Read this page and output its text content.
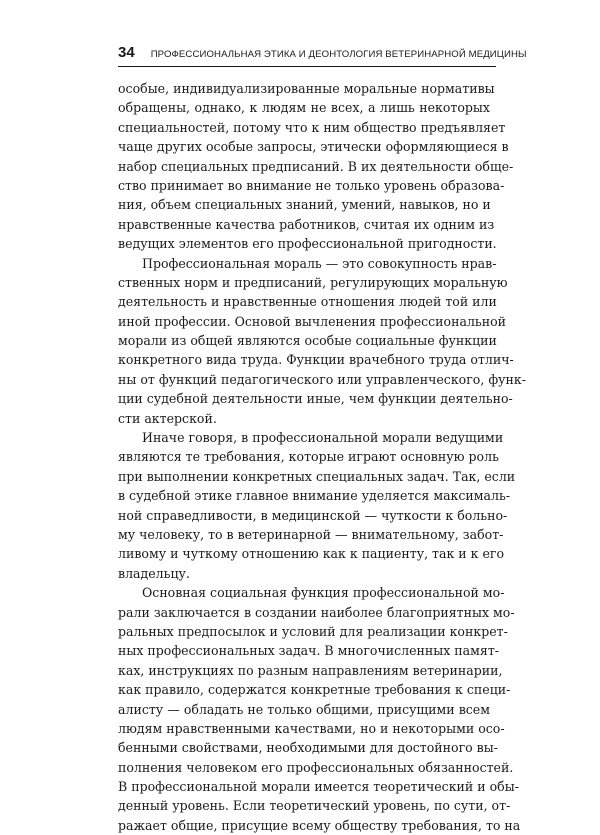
34 ПРОФЕССИОНАЛЬНАЯ ЭТИКА И ДЕОНТОЛОГИЯ ВЕТЕРИНАРНОЙ МЕДИЦИНЫ
особые, индивидуализированные моральные нормативы
обращены, однако, к людям не всех, а лишь некоторых
специальностей, потому что к ним общество предъявляет
чаще других особые запросы, этически оформляющиеся в
набор специальных предписаний. В их деятельности обще-
ство принимает во внимание не только уровень образова-
ния, объем специальных знаний, умений, навыков, но и
нравственные качества работников, считая их одним из
ведущих элементов его профессиональной пригодности.
Профессиональная мораль — это совокупность нрав-
ственных норм и предписаний, регулирующих моральную
деятельность и нравственные отношения людей той или
иной профессии. Основой вычленения профессиональной
морали из общей являются особые социальные функции
конкретного вида труда. Функции врачебного труда отлич-
ны от функций педагогического или управленческого, функ-
ции судебной деятельности иные, чем функции деятельно-
сти актерской.
Иначе говоря, в профессиональной морали ведущими
являются те требования, которые играют основную роль
при выполнении конкретных специальных задач. Так, если
в судебной этике главное внимание уделяется максималь-
ной справедливости, в медицинской — чуткости к больно-
му человеку, то в ветеринарной — внимательному, забот-
ливому и чуткому отношению как к пациенту, так и к его
владельцу.
Основная социальная функция профессиональной мо-
рали заключается в создании наиболее благоприятных мо-
ральных предпосылок и условий для реализации конкрет-
ных профессиональных задач. В многочисленных памят-
ках, инструкциях по разным направлениям ветеринарии,
как правило, содержатся конкретные требования к специ-
алисту — обладать не только общими, присущими всем
людям нравственными качествами, но и некоторыми осо-
бенными свойствами, необходимыми для достойного вы-
полнения человеком его профессиональных обязанностей.
В профессиональной морали имеется теоретический и обы-
денный уровень. Если теоретический уровень, по сути, от-
ражает общие, присущие всему обществу требования, то на
